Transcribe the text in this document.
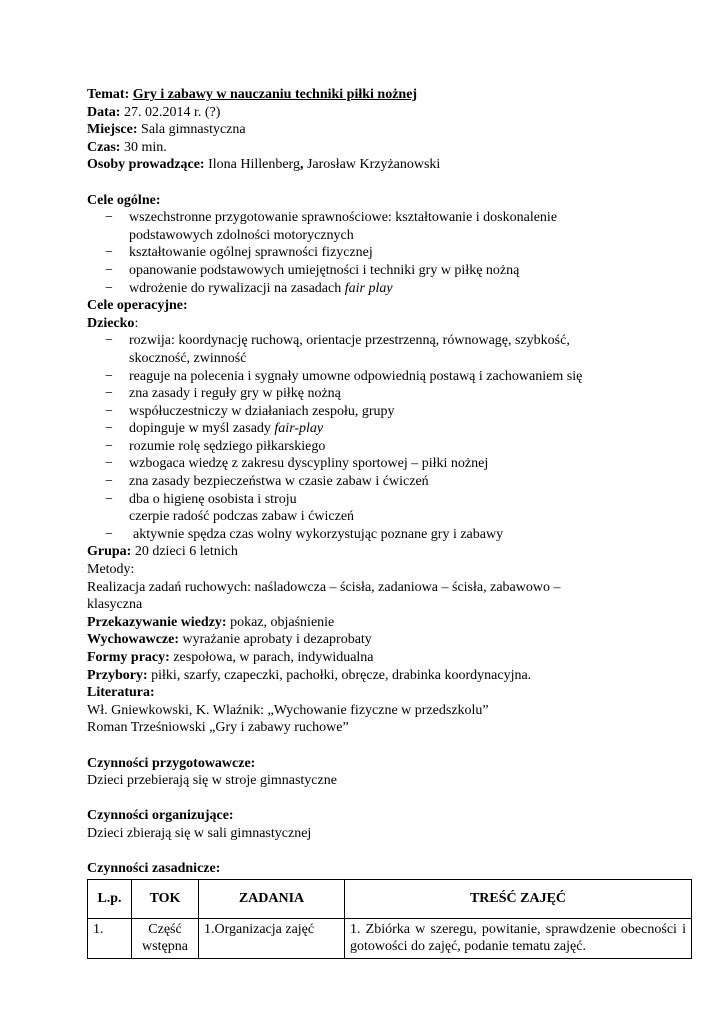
Temat: Gry i zabawy w nauczaniu techniki piłki nożnej
Data: 27. 02.2014 r. (?)
Miejsce: Sala gimnastyczna
Czas: 30 min.
Osoby prowadzące: Ilona Hillenberg, Jarosław Krzyżanowski
Cele ogólne:
− wszechstronne przygotowanie sprawnościowe: kształtowanie i doskonalenie
podstawowych zdolności motorycznych
− kształtowanie ogólnej sprawności fizycznej
− opanowanie podstawowych umiejętności i techniki gry w piłkę nożną
− wdrożenie do rywalizacji na zasadach fair play
Cele operacyjne:
Dziecko:
− rozwija: koordynację ruchową, orientacje przestrzenną, równowagę, szybkość,
skoczność, zwinność
− reaguje na polecenia i sygnały umowne odpowiednią postawą i zachowaniem się
− zna zasady i reguły gry w piłkę nożną
− współuczestniczy w działaniach zespołu, grupy
− dopinguje w myśl zasady fair-play
− rozumie rolę sędziego piłkarskiego
− wzbogaca wiedzę z zakresu dyscypliny sportowej – piłki nożnej
− zna zasady bezpieczeństwa w czasie zabaw i ćwiczeń
− dba o higienę osobista i stroju
czerpie radość podczas zabaw i ćwiczeń
− aktywnie spędza czas wolny wykorzystując poznane gry i zabawy
Grupa: 20 dzieci 6 letnich
Metody:
Realizacja zadań ruchowych: naśladowcza – ścisła, zadaniowa – ścisła, zabawowo –
klasyczna
Przekazywanie wiedzy: pokaz, objaśnienie
Wychowawcze: wyrażanie aprobaty i dezaprobaty
Formy pracy: zespołowa, w parach, indywidualna
Przybory: piłki, szarfy, czapeczki, pachołki, obręcze, drabinka koordynacyjna.
Literatura:
Wł. Gniewkowski, K. Wlaźnik: „Wychowanie fizyczne w przedszkolu”
Roman Trześniowski „Gry i zabawy ruchowe”
Czynności przygotowawcze:
Dzieci przebierają się w stroje gimnastyczne
Czynności organizujące:
Dzieci zbierają się w sali gimnastycznej
Czynności zasadnicze:
L.p.	TOK	ZADANIA	TREŚĆ ZAJĘĆ
1.	Część wstępna	1.Organizacja zajęć	1. Zbiórka w szeregu, powitanie, sprawdzenie obecności i gotowości do zajęć, podanie tematu zajęć.
